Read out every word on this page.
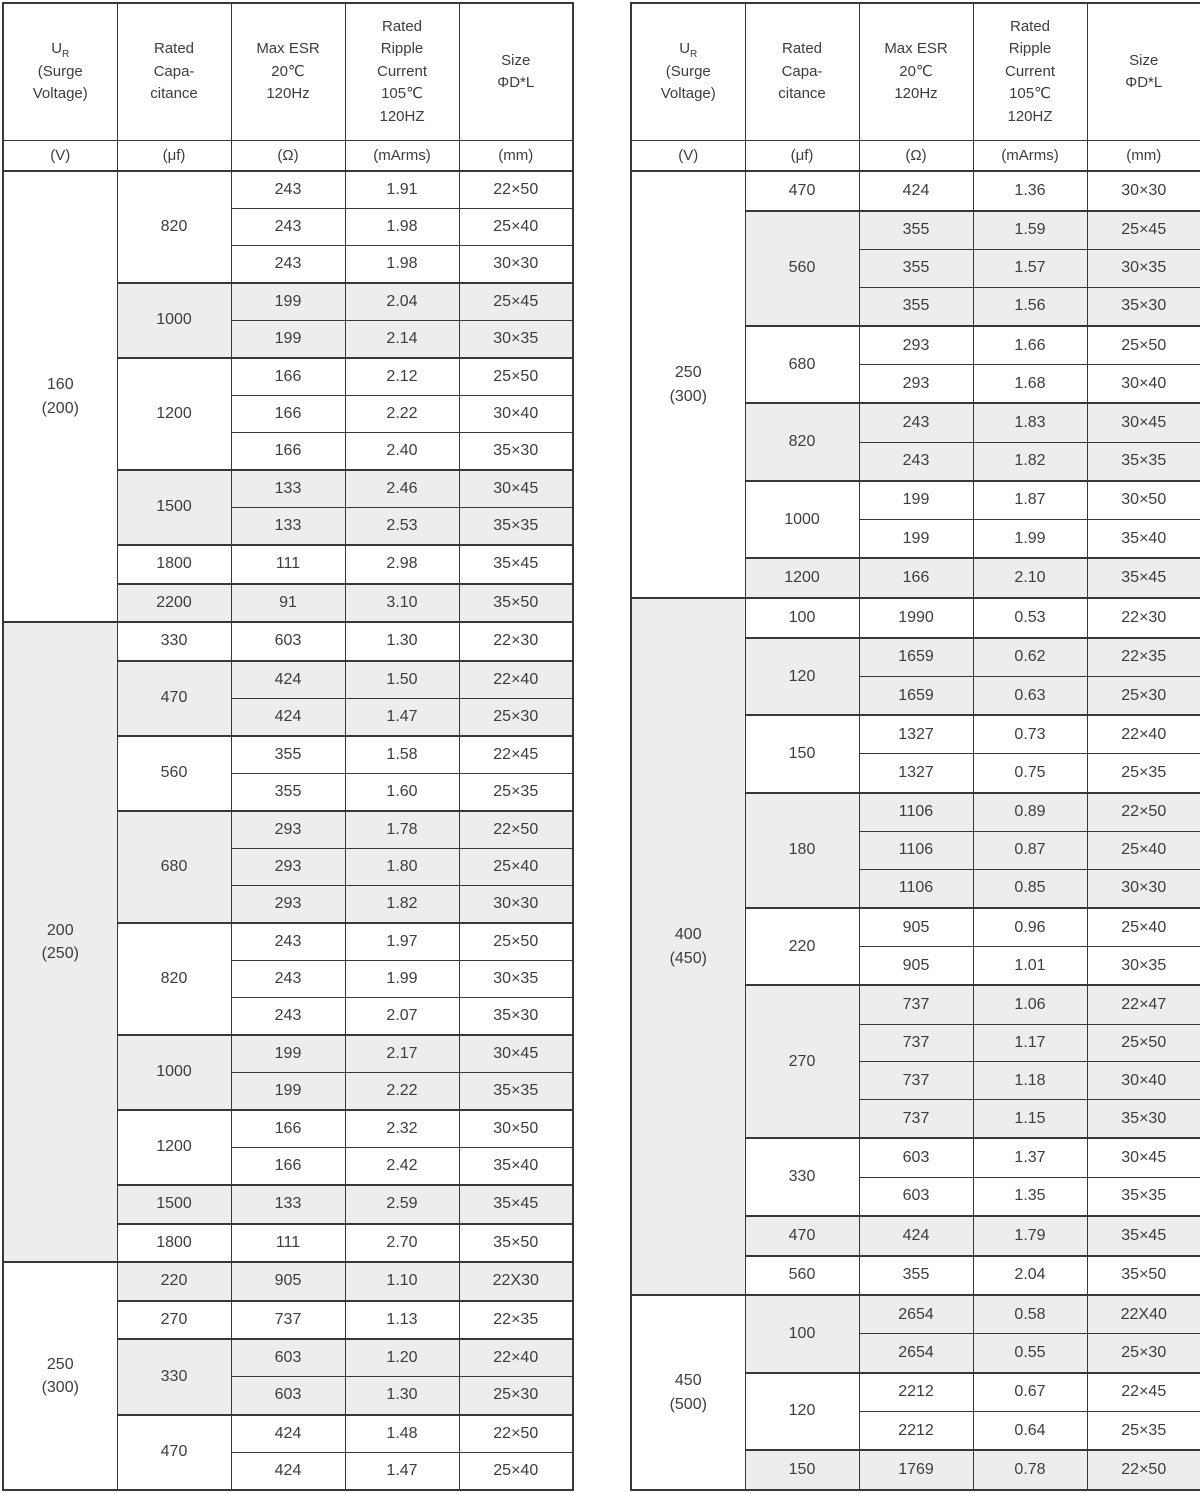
$U_R$
(Surge
Voltage)

Rated
Capa-
citance

Max ESR
20℃
120Hz

Rated
Ripple
Current
105℃
120HZ

Size
ΦD*L

(V)	(μf)	(Ω)	(mArms)	(mm)

160
(200)	820	243	1.91	22×50
		243	1.98	25×40
		243	1.98	30×30
	1000	199	2.04	25×45
		199	2.14	30×35
	1200	166	2.12	25×50
		166	2.22	30×40
		166	2.40	35×30
	1500	133	2.46	30×45
		133	2.53	35×35
	1800	111	2.98	35×45
	2200	91	3.10	35×50

200
(250)	330	603	1.30	22×30
	470	424	1.50	22×40
		424	1.47	25×30
	560	355	1.58	22×45
		355	1.60	25×35
	680	293	1.78	22×50
		293	1.80	25×40
		293	1.82	30×30
	820	243	1.97	25×50
		243	1.99	30×35
		243	2.07	35×30
	1000	199	2.17	30×45
		199	2.22	35×35
	1200	166	2.32	30×50
		166	2.42	35×40
	1500	133	2.59	35×45
	1800	111	2.70	35×50

250
(300)	220	905	1.10	22X30
	270	737	1.13	22×35
	330	603	1.20	22×40
		603	1.30	25×30
	470	424	1.48	22×50
		424	1.47	25×40
$U_R$
(Surge
Voltage)

Rated
Capa-
citance

Max ESR
20℃
120Hz

Rated
Ripple
Current
105℃
120HZ

Size
ΦD*L

(V)	(μf)	(Ω)	(mArms)	(mm)

250
(300)	470	424	1.36	30×30
	560	355	1.59	25×45
		355	1.57	30×35
		355	1.56	35×30
	680	293	1.66	25×50
		293	1.68	30×40
	820	243	1.83	30×45
		243	1.82	35×35
	1000	199	1.87	30×50
		199	1.99	35×40
	1200	166	2.10	35×45

400
(450)	100	1990	0.53	22×30
	120	1659	0.62	22×35
		1659	0.63	25×30
	150	1327	0.73	22×40
		1327	0.75	25×35
	180	1106	0.89	22×50
		1106	0.87	25×40
		1106	0.85	30×30
	220	905	0.96	25×40
		905	1.01	30×35
	270	737	1.06	22×47
		737	1.17	25×50
		737	1.18	30×40
		737	1.15	35×30
	330	603	1.37	30×45
		603	1.35	35×35
	470	424	1.79	35×45
	560	355	2.04	35×50

450
(500)	100	2654	0.58	22X40
		2654	0.55	25×30
	120	2212	0.67	22×45
		2212	0.64	25×35
	150	1769	0.78	22×50
